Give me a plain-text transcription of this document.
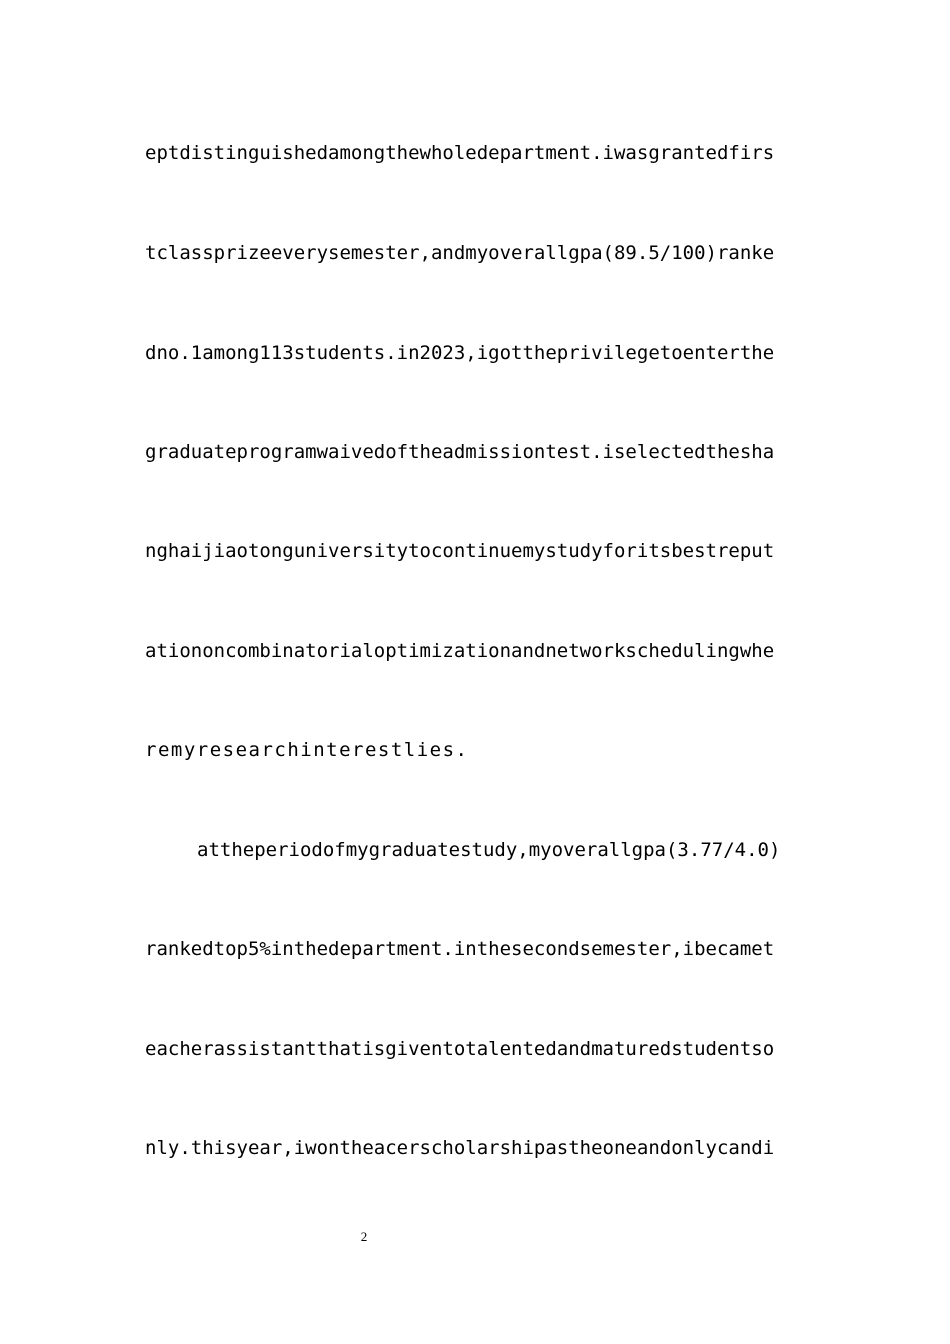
eptdistinguishedamongthewholedepartment.iwasgrantedfirs

tclassprizeeverysemester,andmyoverallgpa(89.5/100)ranke

dno.1among113students.in2023,igottheprivilegetoenterthe

graduateprogramwaivedoftheadmissiontest.iselectedthesha

nghaijiaotonguniversitytocontinuemystudyforitsbestreput

ationoncombinatorialoptimizationandnetworkschedulingwhe

remyresearchinterestlies.

attheperiodofmygraduatestudy,myoverallgpa(3.77/4.0)

rankedtop5%inthedepartment.inthesecondsemester,ibecamet

eacherassistantthatisgiventotalentedandmaturedstudentso

nly.thisyear,iwontheacerscholarshipastheoneandonlycandi

2
